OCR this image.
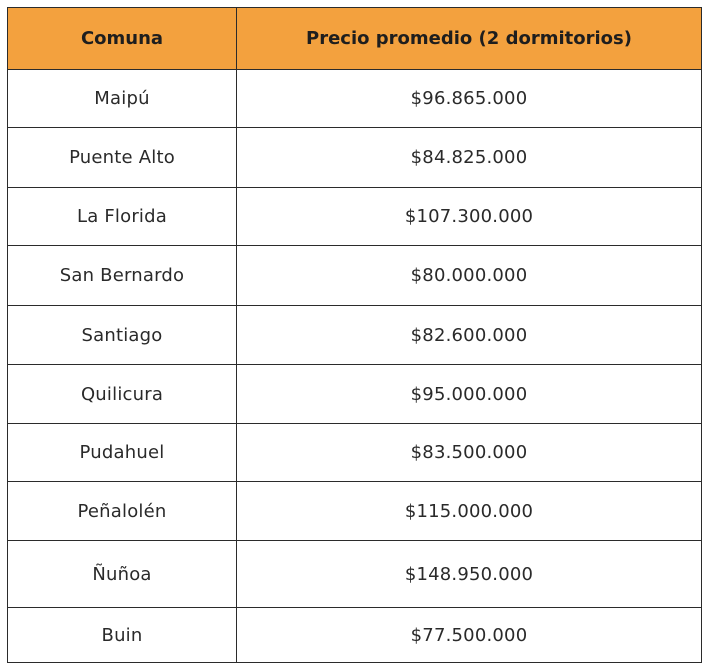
Comuna	Precio promedio (2 dormitorios)
Maipú	$96.865.000
Puente Alto	$84.825.000
La Florida	$107.300.000
San Bernardo	$80.000.000
Santiago	$82.600.000
Quilicura	$95.000.000
Pudahuel	$83.500.000
Peñalolén	$115.000.000
Ñuñoa	$148.950.000
Buin	$77.500.000
